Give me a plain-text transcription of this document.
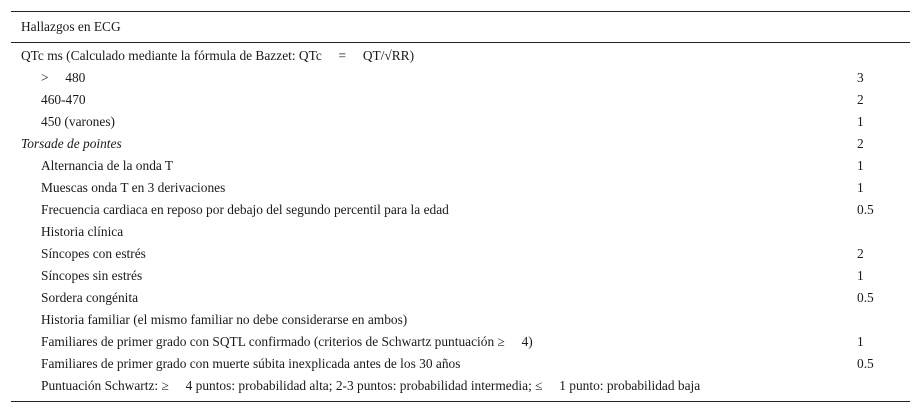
Hallazgos en ECG
QTc ms (Calculado mediante la fórmula de Bazzet: QTc  =  QT/√RR)
>  480	3
460-470	2
450 (varones)	1
Torsade de pointes	2
Alternancia de la onda T	1
Muescas onda T en 3 derivaciones	1
Frecuencia cardiaca en reposo por debajo del segundo percentil para la edad	0.5
Historia clínica
Síncopes con estrés	2
Síncopes sin estrés	1
Sordera congénita	0.5
Historia familiar (el mismo familiar no debe considerarse en ambos)
Familiares de primer grado con SQTL confirmado (criterios de Schwartz puntuación ≥  4)	1
Familiares de primer grado con muerte súbita inexplicada antes de los 30 años	0.5
Puntuación Schwartz: ≥  4 puntos: probabilidad alta; 2-3 puntos: probabilidad intermedia; ≤  1 punto: probabilidad baja
